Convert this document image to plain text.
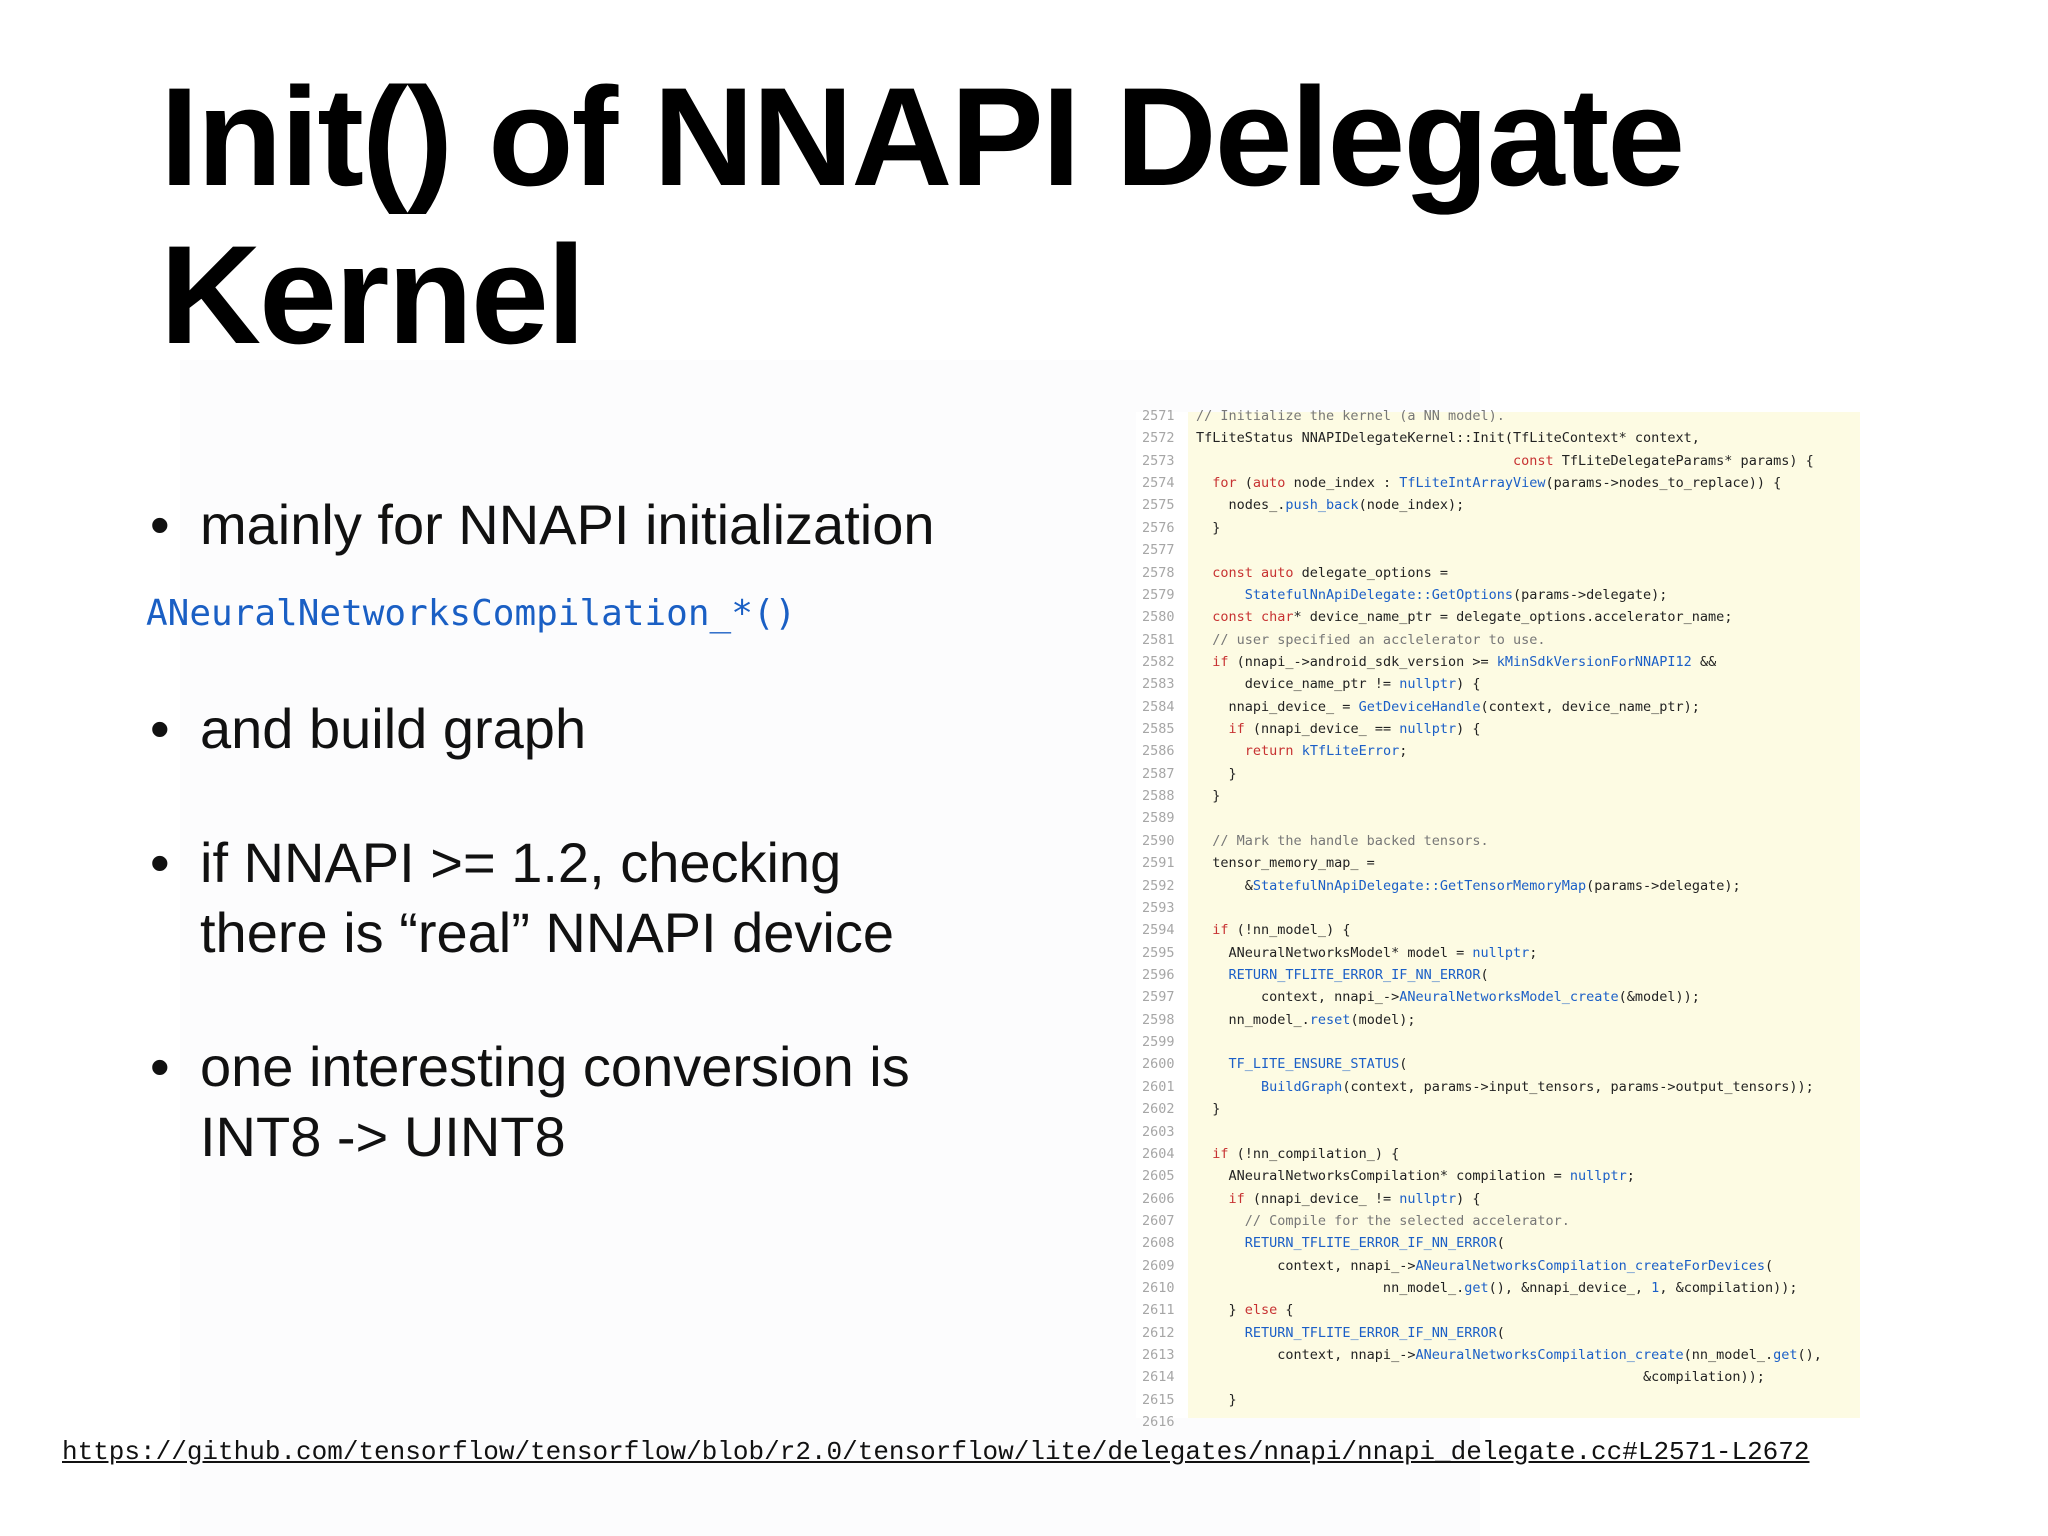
Init() of NNAPI Delegate
Kernel
• mainly for NNAPI initialization
• and build graph
• if NNAPI >= 1.2, checking
there is “real” NNAPI device
• one interesting conversion is
INT8 -> UINT8
ANeuralNetworksCompilation_*()
2571	// Initialize the kernel (a NN model).
2572	TfLiteStatus NNAPIDelegateKernel::Init(TfLiteContext* context,
2573	const TfLiteDelegateParams* params) {
2574	for (auto node_index : TfLiteIntArrayView(params->nodes_to_replace)) {
2575	nodes_.push_back(node_index);
2576	}
2577
2578	const auto delegate_options =
2579	StatefulNnApiDelegate::GetOptions(params->delegate);
2580	const char* device_name_ptr = delegate_options.accelerator_name;
2581	// user specified an acclelerator to use.
2582	if (nnapi_->android_sdk_version >= kMinSdkVersionForNNAPI12 &&
2583	device_name_ptr != nullptr) {
2584	nnapi_device_ = GetDeviceHandle(context, device_name_ptr);
2585	if (nnapi_device_ == nullptr) {
2586	return kTfLiteError;
2587	}
2588	}
2589
2590	// Mark the handle backed tensors.
2591	tensor_memory_map_ =
2592	&StatefulNnApiDelegate::GetTensorMemoryMap(params->delegate);
2593
2594	if (!nn_model_) {
2595	ANeuralNetworksModel* model = nullptr;
2596	RETURN_TFLITE_ERROR_IF_NN_ERROR(
2597	context, nnapi_->ANeuralNetworksModel_create(&model));
2598	nn_model_.reset(model);
2599
2600	TF_LITE_ENSURE_STATUS(
2601	BuildGraph(context, params->input_tensors, params->output_tensors));
2602	}
2603
2604	if (!nn_compilation_) {
2605	ANeuralNetworksCompilation* compilation = nullptr;
2606	if (nnapi_device_ != nullptr) {
2607	// Compile for the selected accelerator.
2608	RETURN_TFLITE_ERROR_IF_NN_ERROR(
2609	context, nnapi_->ANeuralNetworksCompilation_createForDevices(
2610	nn_model_.get(), &nnapi_device_, 1, &compilation));
2611	} else {
2612	RETURN_TFLITE_ERROR_IF_NN_ERROR(
2613	context, nnapi_->ANeuralNetworksCompilation_create(nn_model_.get(),
2614	&compilation));
2615	}
2616
https://github.com/tensorflow/tensorflow/blob/r2.0/tensorflow/lite/delegates/nnapi/nnapi_delegate.cc#L2571-L2672
